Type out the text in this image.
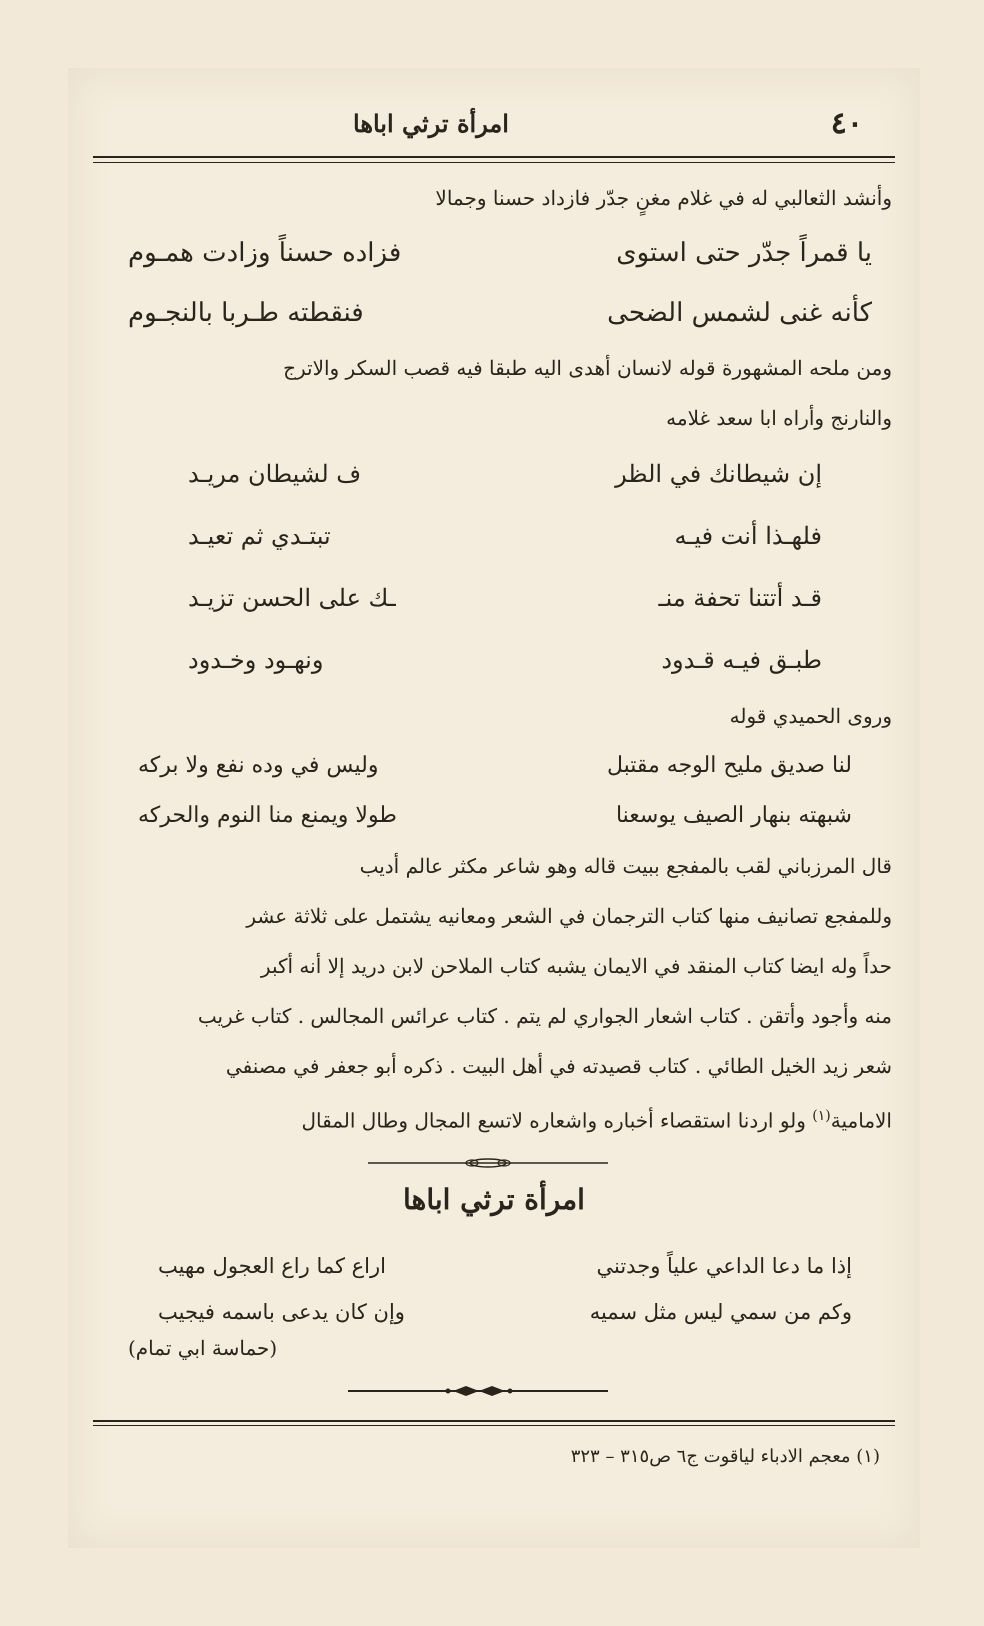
امرأة ترثي اباها	٤٠
وأنشد الثعالبي له في غلام مغنٍ جدّر فازداد حسنا وجمالا
يا قمراً جدّر حتى استوى
فزاده حسناً وزادت همـوم
كأنه غنى لشمس الضحى
فنقطته طـربا بالنجـوم
ومن ملحه المشهورة قوله لانسان أهدى اليه طبقا فيه قصب السكر والاترج
والنارنج وأراه ابا سعد غلامه
إن شيطانك في الظر
ف لشيطان مريـد
فلهـذا أنت فيـه
تبتـدي ثم تعيـد
قـد أتتنا تحفة منـ
ـك على الحسن تزيـد
طبـق فيـه قـدود
ونهـود وخـدود
وروى الحميدي قوله
لنا صديق مليح الوجه مقتبل
وليس في وده نفع ولا بركه
شبهته بنهار الصيف يوسعنا
طولا ويمنع منا النوم والحركه
قال المرزباني لقب بالمفجع ببيت قاله وهو شاعر مكثر عالم أديب
وللمفجع تصانيف منها كتاب الترجمان في الشعر ومعانيه يشتمل على ثلاثة عشر
حداً وله ايضا كتاب المنقد في الايمان يشبه كتاب الملاحن لابن دريد إلا أنه أكبر
منه وأجود وأتقن . كتاب اشعار الجواري لم يتم . كتاب عرائس المجالس . كتاب غريب
شعر زيد الخيل الطائي . كتاب قصيدته في أهل البيت . ذكره أبو جعفر في مصنفي
الامامية$^{(١)}$ ولو اردنا استقصاء أخباره واشعاره لاتسع المجال وطال المقال
امرأة ترثي اباها
إذا ما دعا الداعي علياً وجدتني
اراع كما راع العجول مهيب
وكم من سمي ليس مثل سميه
وإن كان يدعى باسمه فيجيب
(حماسة ابي تمام)
(١) معجم الادباء لياقوت ج٦ ص٣١٥ – ٣٢٣
